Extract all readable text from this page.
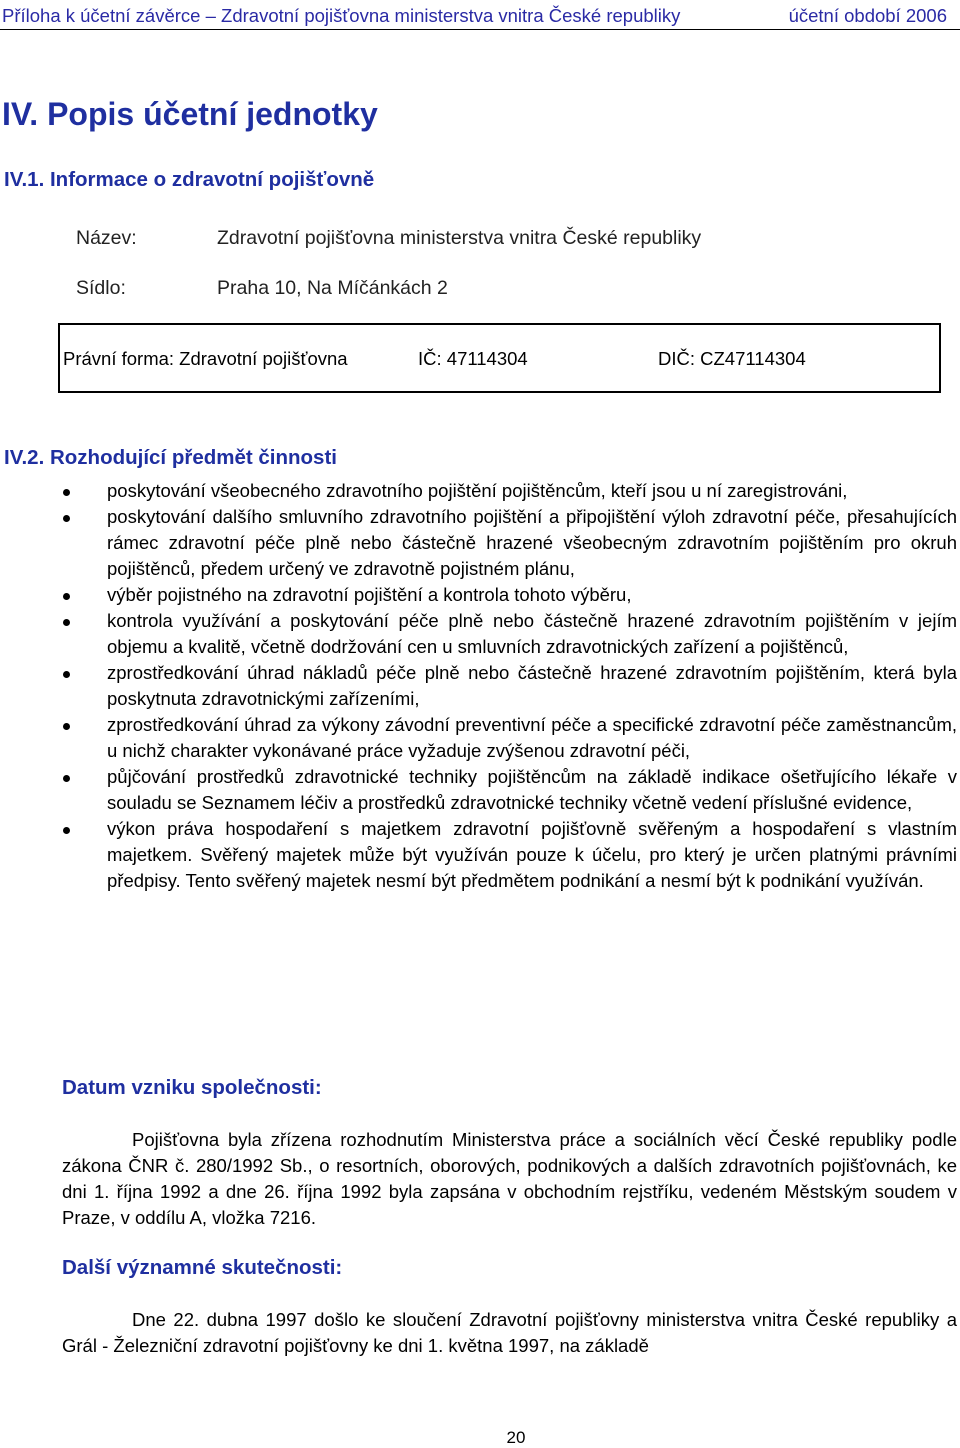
Příloha k účetní závěrce – Zdravotní pojišťovna ministerstva vnitra České republiky	účetní období 2006
IV. Popis účetní jednotky
IV.1. Informace o zdravotní pojišťovně
Název:	Zdravotní pojišťovna ministerstva vnitra České republiky
Sídlo:	Praha 10, Na Míčánkách 2
Právní forma: Zdravotní pojišťovna	IČ: 47114304	DIČ: CZ47114304
IV.2. Rozhodující předmět činnosti
poskytování všeobecného zdravotního pojištění pojištěncům, kteří jsou u ní zaregistrováni,
poskytování dalšího smluvního zdravotního pojištění a připojištění výloh zdravotní péče, přesahujících rámec zdravotní péče plně nebo částečně hrazené všeobecným zdravotním pojištěním pro okruh pojištěnců, předem určený ve zdravotně pojistném plánu,
výběr pojistného na zdravotní pojištění a kontrola tohoto výběru,
kontrola využívání a poskytování péče plně nebo částečně hrazené zdravotním pojištěním v jejím objemu a kvalitě, včetně dodržování cen u smluvních zdravotnických zařízení a pojištěnců,
zprostředkování úhrad nákladů péče plně nebo částečně hrazené zdravotním pojištěním, která byla poskytnuta zdravotnickými zařízeními,
zprostředkování úhrad za výkony závodní preventivní péče a specifické zdravotní péče zaměstnancům, u nichž charakter vykonávané práce vyžaduje zvýšenou zdravotní péči,
půjčování prostředků zdravotnické techniky pojištěncům na základě indikace ošetřujícího lékaře v souladu se Seznamem léčiv a prostředků zdravotnické techniky včetně vedení příslušné evidence,
výkon práva hospodaření s majetkem zdravotní pojišťovně svěřeným a hospodaření s vlastním majetkem. Svěřený majetek může být využíván pouze k účelu, pro který je určen platnými právními předpisy. Tento svěřený majetek nesmí být předmětem podnikání a nesmí být k podnikání využíván.
Datum vzniku společnosti:

Pojišťovna byla zřízena rozhodnutím Ministerstva práce a sociálních věcí České republiky podle zákona ČNR č. 280/1992 Sb., o resortních, oborových, podnikových a dalších zdravotních pojišťovnách, ke dni 1. října 1992 a dne 26. října 1992 byla zapsána v obchodním rejstříku, vedeném Městským soudem v Praze, v oddílu A, vložka 7216.

Další významné skutečnosti:

Dne 22. dubna 1997 došlo ke sloučení Zdravotní pojišťovny ministerstva vnitra České republiky a Grál - Železniční zdravotní pojišťovny ke dni 1. května 1997, na základě

20
